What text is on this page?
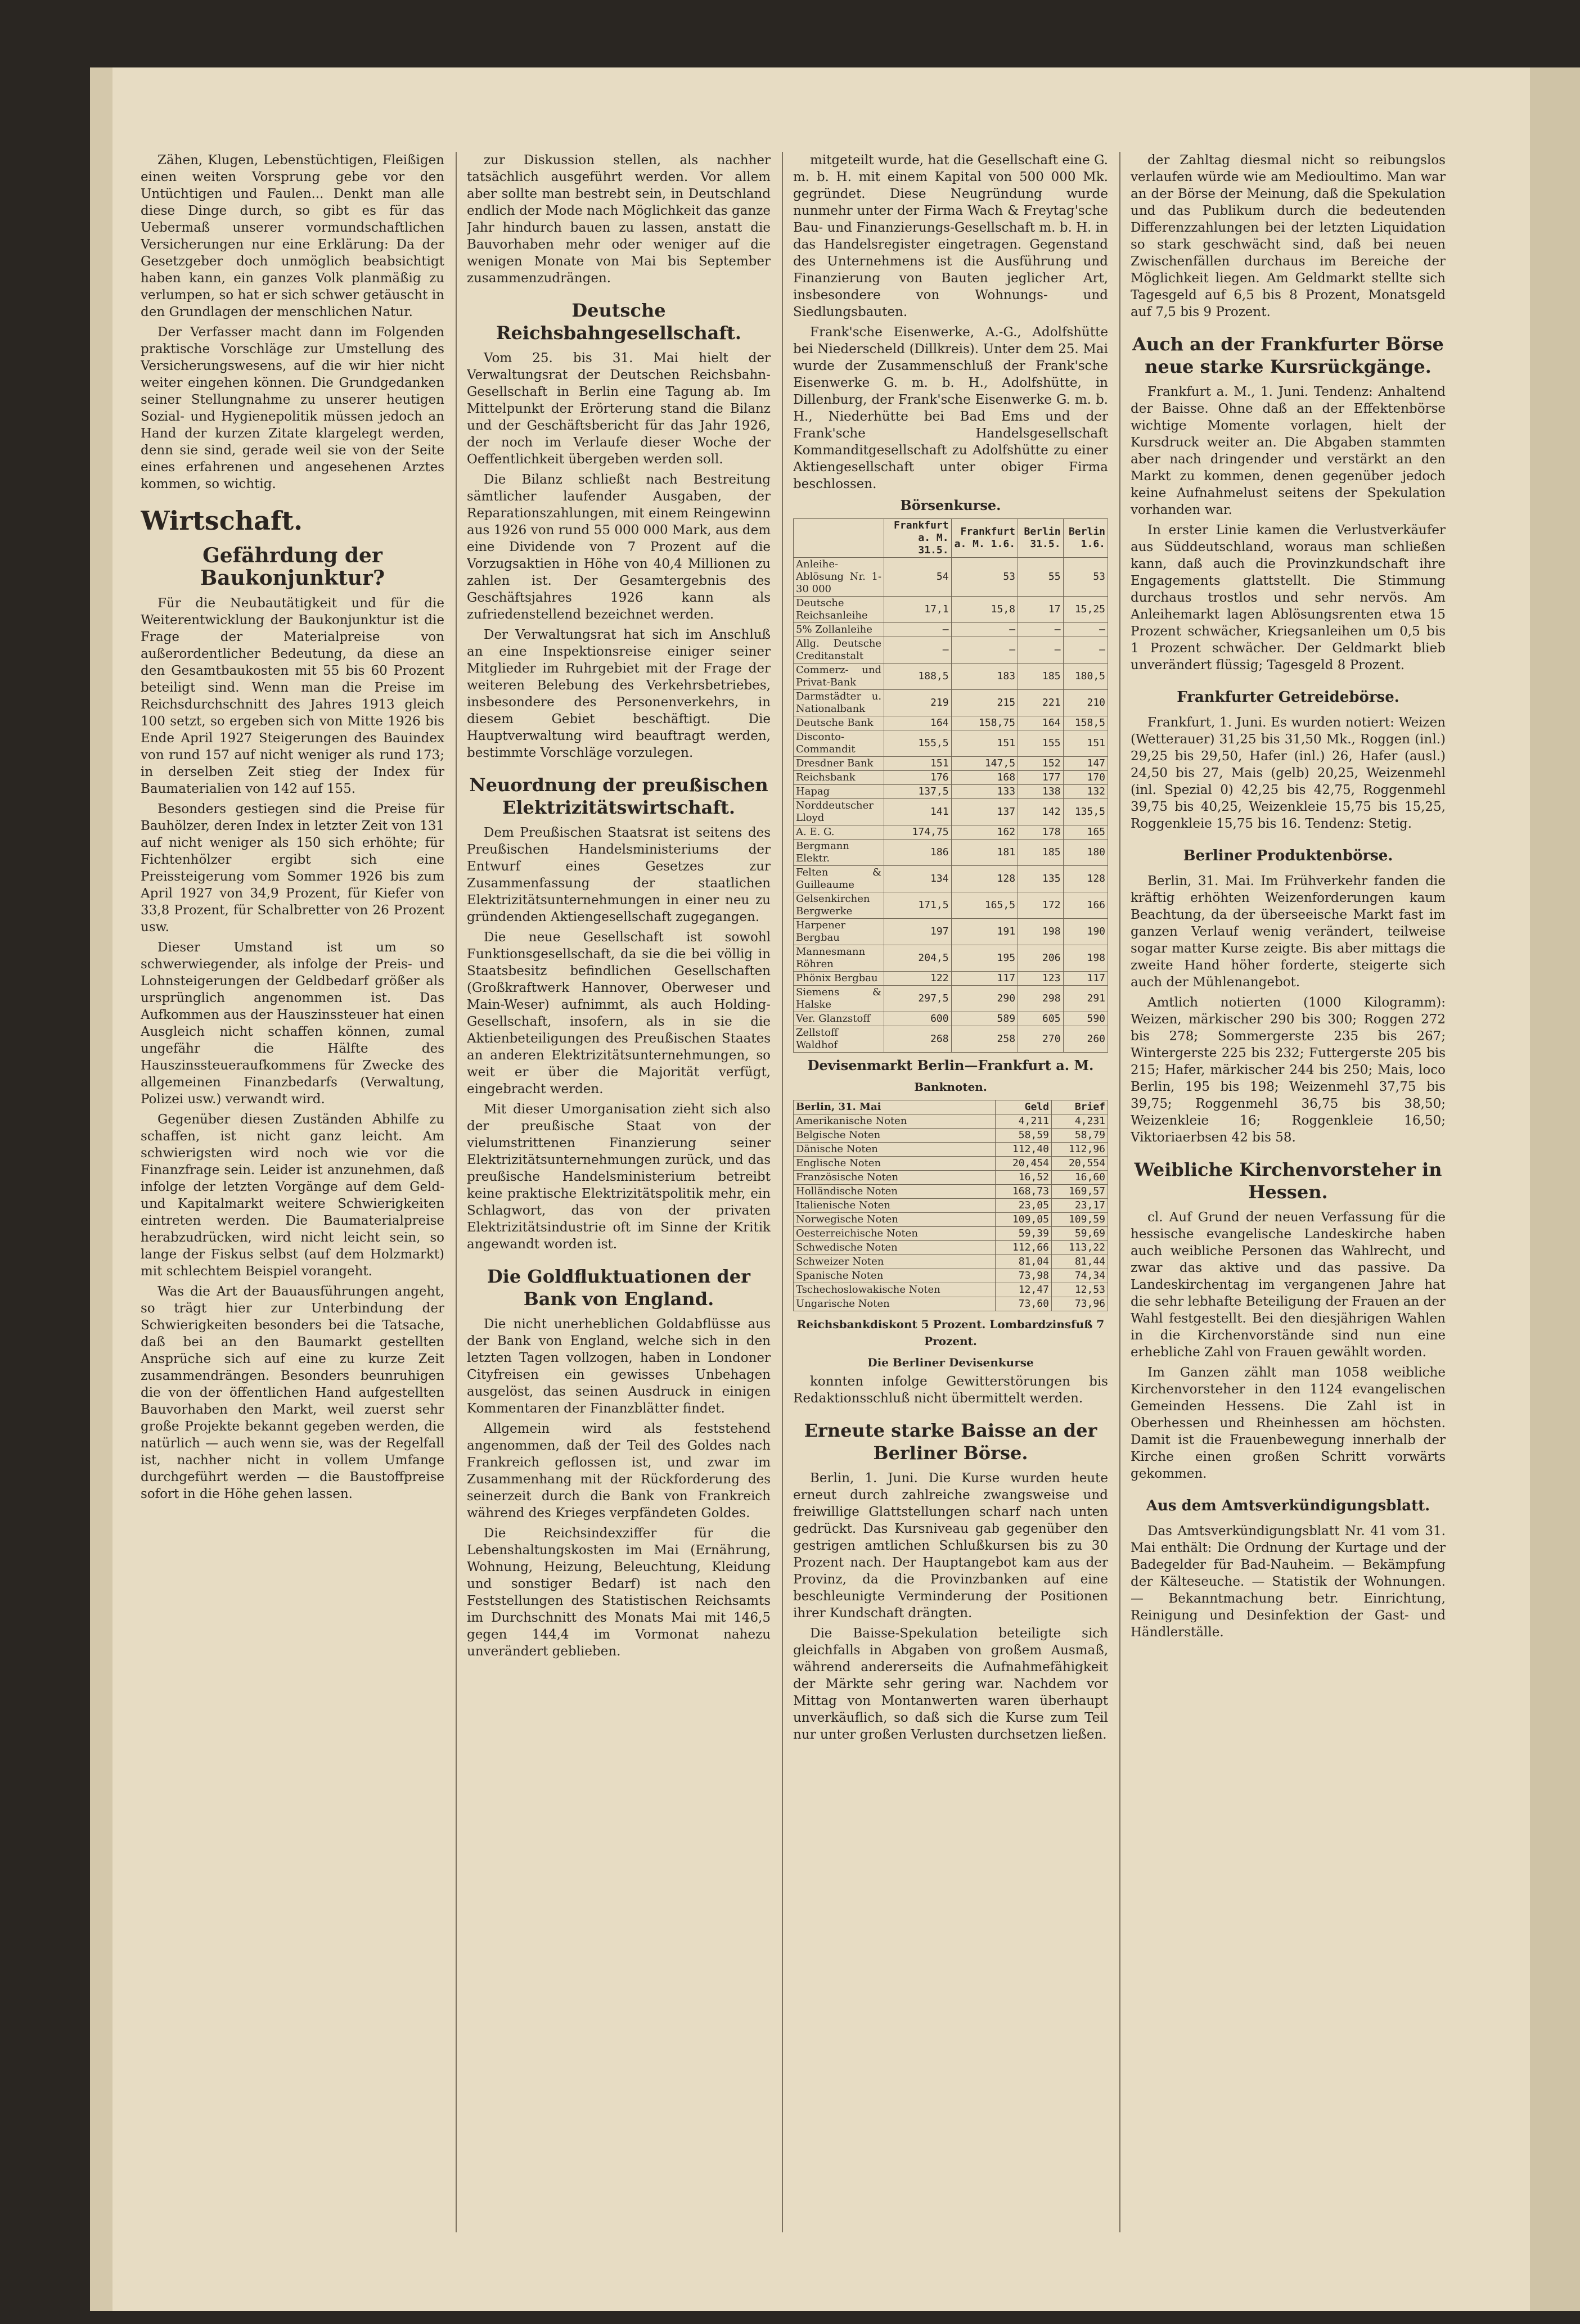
Zähen, Klugen, Lebenstüchtigen, Fleißigen einen weiten Vorsprung gebe vor den Untüchtigen und Faulen... Denkt man alle diese Dinge durch, so gibt es für das Uebermaß unserer vormundschaftlichen Versicherungen nur eine Erklärung: Da der Gesetzgeber doch unmöglich beabsichtigt haben kann, ein ganzes Volk planmäßig zu verlumpen, so hat er sich schwer getäuscht in den Grundlagen der menschlichen Natur.

Der Verfasser macht dann im Folgenden praktische Vorschläge zur Umstellung des Versicherungswesens, auf die wir hier nicht weiter eingehen können. Die Grundgedanken seiner Stellungnahme zu unserer heutigen Sozial- und Hygienepolitik müssen jedoch an Hand der kurzen Zitate klargelegt werden, denn sie sind, gerade weil sie von der Seite eines erfahrenen und angesehenen Arztes kommen, so wichtig.

Wirtschaft.
Gefährdung der Baukonjunktur?

Für die Neubautätigkeit und für die Weiterentwicklung der Baukonjunktur ist die Frage der Materialpreise von außerordentlicher Bedeutung, da diese an den Gesamtbaukosten mit 55 bis 60 Prozent beteiligt sind. Wenn man die Preise im Reichsdurchschnitt des Jahres 1913 gleich 100 setzt, so ergeben sich von Mitte 1926 bis Ende April 1927 Steigerungen des Bauindex von rund 157 auf nicht weniger als rund 173; in derselben Zeit stieg der Index für Baumaterialien von 142 auf 155.

Besonders gestiegen sind die Preise für Bauhölzer, deren Index in letzter Zeit von 131 auf nicht weniger als 150 sich erhöhte; für Fichtenhölzer ergibt sich eine Preissteigerung vom Sommer 1926 bis zum April 1927 von 34,9 Prozent, für Kiefer von 33,8 Prozent, für Schalbretter von 26 Prozent usw.

Dieser Umstand ist um so schwerwiegender, als infolge der Preis- und Lohnsteigerungen der Geldbedarf größer als ursprünglich angenommen ist. Das Aufkommen aus der Hauszinssteuer hat einen Ausgleich nicht schaffen können, zumal ungefähr die Hälfte des Hauszinssteueraufkommens für Zwecke des allgemeinen Finanzbedarfs (Verwaltung, Polizei usw.) verwandt wird.

Gegenüber diesen Zuständen Abhilfe zu schaffen, ist nicht ganz leicht. Am schwierigsten wird noch wie vor die Finanzfrage sein. Leider ist anzunehmen, daß infolge der letzten Vorgänge auf dem Geld- und Kapitalmarkt weitere Schwierigkeiten eintreten werden. Die Baumaterialpreise herabzudrücken, wird nicht leicht sein, so lange der Fiskus selbst (auf dem Holzmarkt) mit schlechtem Beispiel vorangeht.

Was die Art der Bauausführungen angeht, so trägt hier zur Unterbindung der Schwierigkeiten besonders bei die Tatsache, daß bei an den Baumarkt gestellten Ansprüche sich auf eine zu kurze Zeit zusammendrängen. Besonders beunruhigen die von der öffentlichen Hand aufgestellten Bauvorhaben den Markt, weil zuerst sehr große Projekte bekannt gegeben werden, die natürlich — auch wenn sie, was der Regelfall ist, nachher nicht in vollem Umfange durchgeführt werden — die Baustoffpreise sofort in die Höhe gehen lassen.

zur Diskussion stellen, als nachher tatsächlich ausgeführt werden. Vor allem aber sollte man bestrebt sein, in Deutschland endlich der Mode nach Möglichkeit das ganze Jahr hindurch bauen zu lassen, anstatt die Bauvorhaben mehr oder weniger auf die wenigen Monate von Mai bis September zusammenzudrängen.

Deutsche Reichsbahngesellschaft.

Vom 25. bis 31. Mai hielt der Verwaltungsrat der Deutschen Reichsbahn-Gesellschaft in Berlin eine Tagung ab. Im Mittelpunkt der Erörterung stand die Bilanz und der Geschäftsbericht für das Jahr 1926, der noch im Verlaufe dieser Woche der Oeffentlichkeit übergeben werden soll.

Die Bilanz schließt nach Bestreitung sämtlicher laufender Ausgaben, der Reparationszahlungen, mit einem Reingewinn aus 1926 von rund 55 000 000 Mark, aus dem eine Dividende von 7 Prozent auf die Vorzugsaktien in Höhe von 40,4 Millionen zu zahlen ist. Der Gesamtergebnis des Geschäftsjahres 1926 kann als zufriedenstellend bezeichnet werden.

Der Verwaltungsrat hat sich im Anschluß an eine Inspektionsreise einiger seiner Mitglieder im Ruhrgebiet mit der Frage der weiteren Belebung des Verkehrsbetriebes, insbesondere des Personenverkehrs, in diesem Gebiet beschäftigt. Die Hauptverwaltung wird beauftragt werden, bestimmte Vorschläge vorzulegen.

Neuordnung der preußischen Elektrizitätswirtschaft.

Dem Preußischen Staatsrat ist seitens des Preußischen Handelsministeriums der Entwurf eines Gesetzes zur Zusammenfassung der staatlichen Elektrizitätsunternehmungen in einer neu zu gründenden Aktiengesellschaft zugegangen.

Die neue Gesellschaft ist sowohl Funktionsgesellschaft, da sie die bei völlig in Staatsbesitz befindlichen Gesellschaften (Großkraftwerk Hannover, Oberweser und Main-Weser) aufnimmt, als auch Holding-Gesellschaft, insofern, als in sie die Aktienbeteiligungen des Preußischen Staates an anderen Elektrizitätsunternehmungen, so weit er über die Majorität verfügt, eingebracht werden.

Mit dieser Umorganisation zieht sich also der preußische Staat von der vielumstrittenen Finanzierung seiner Elektrizitätsunternehmungen zurück, und das preußische Handelsministerium betreibt keine praktische Elektrizitätspolitik mehr, ein Schlagwort, das von der privaten Elektrizitätsindustrie oft im Sinne der Kritik angewandt worden ist.

Die Goldfluktuationen der Bank von England.

Die nicht unerheblichen Goldabflüsse aus der Bank von England, welche sich in den letzten Tagen vollzogen, haben in Londoner Cityfreisen ein gewisses Unbehagen ausgelöst, das seinen Ausdruck in einigen Kommentaren der Finanzblätter findet.

Allgemein wird als feststehend angenommen, daß der Teil des Goldes nach Frankreich geflossen ist, und zwar im Zusammenhang mit der Rückforderung des seinerzeit durch die Bank von Frankreich während des Krieges verpfändeten Goldes.

Die Reichsindexziffer für die Lebenshaltungskosten im Mai (Ernährung, Wohnung, Heizung, Beleuchtung, Kleidung und sonstiger Bedarf) ist nach den Feststellungen des Statistischen Reichsamts im Durchschnitt des Monats Mai mit 146,5 gegen 144,4 im Vormonat nahezu unverändert geblieben.

mitgeteilt wurde, hat die Gesellschaft eine G. m. b. H. mit einem Kapital von 500 000 Mk. gegründet. Diese Neugründung wurde nunmehr unter der Firma Wach & Freytag'sche Bau- und Finanzierungs-Gesellschaft m. b. H. in das Handelsregister eingetragen. Gegenstand des Unternehmens ist die Ausführung und Finanzierung von Bauten jeglicher Art, insbesondere von Wohnungs- und Siedlungsbauten.

Frank'sche Eisenwerke, A.-G., Adolfshütte bei Niederscheld (Dillkreis). Unter dem 25. Mai wurde der Zusammenschluß der Frank'sche Eisenwerke G. m. b. H., Adolfshütte, in Dillenburg, der Frank'sche Eisenwerke G. m. b. H., Niederhütte bei Bad Ems und der Frank'sche Handelsgesellschaft Kommanditgesellschaft zu Adolfshütte zu einer Aktiengesellschaft unter obiger Firma beschlossen.

Börsenkurse.
	Frankfurt a. M. 31.5.	Frankfurt a. M. 1.6.	Berlin 31.5.	Berlin 1.6.
Anleihe-Ablösung Nr. 1-30 000	54	53	55	53
Deutsche Reichsanleihe	17,1	15,8	17	15,25
5% Zollanleihe	—	—	—	—
Allg. Deutsche Creditanstalt	—	—	—	—
Commerz- und Privat-Bank	188,5	183	185	180,5
Darmstädter u. Nationalbank	219	215	221	210
Deutsche Bank	164	158,75	164	158,5
Disconto-Commandit	155,5	151	155	151
Dresdner Bank	151	147,5	152	147
Reichsbank	176	168	177	170
Hapag	137,5	133	138	132
Norddeutscher Lloyd	141	137	142	135,5
A. E. G.	174,75	162	178	165
Bergmann Elektr.	186	181	185	180
Felten & Guilleaume	134	128	135	128
Gelsenkirchen Bergwerke	171,5	165,5	172	166
Harpener Bergbau	197	191	198	190
Mannesmann Röhren	204,5	195	206	198
Phönix Bergbau	122	117	123	117
Siemens & Halske	297,5	290	298	291
Ver. Glanzstoff	600	589	605	590
Zellstoff Waldhof	268	258	270	260
Devisenmarkt Berlin—Frankfurt a. M.
Banknoten.
Berlin, 31. Mai	Geld	Brief
Amerikanische Noten	4,211	4,231
Belgische Noten	58,59	58,79
Dänische Noten	112,40	112,96
Englische Noten	20,454	20,554
Französische Noten	16,52	16,60
Holländische Noten	168,73	169,57
Italienische Noten	23,05	23,17
Norwegische Noten	109,05	109,59
Oesterreichische Noten	59,39	59,69
Schwedische Noten	112,66	113,22
Schweizer Noten	81,04	81,44
Spanische Noten	73,98	74,34
Tschechoslowakische Noten	12,47	12,53
Ungarische Noten	73,60	73,96
Reichsbankdiskont 5 Prozent. Lombardzinsfuß 7 Prozent.
Die Berliner Devisenkurse

konnten infolge Gewitterstörungen bis Redaktionsschluß nicht übermittelt werden.

Erneute starke Baisse an der Berliner Börse.

Berlin, 1. Juni. Die Kurse wurden heute erneut durch zahlreiche zwangsweise und freiwillige Glattstellungen scharf nach unten gedrückt. Das Kursniveau gab gegenüber den gestrigen amtlichen Schlußkursen bis zu 30 Prozent nach. Der Hauptangebot kam aus der Provinz, da die Provinzbanken auf eine beschleunigte Verminderung der Positionen ihrer Kundschaft drängten.

Die Baisse-Spekulation beteiligte sich gleichfalls in Abgaben von großem Ausmaß, während andererseits die Aufnahmefähigkeit der Märkte sehr gering war. Nachdem vor Mittag von Montanwerten waren überhaupt unverkäuflich, so daß sich die Kurse zum Teil nur unter großen Verlusten durchsetzen ließen.

der Zahltag diesmal nicht so reibungslos verlaufen würde wie am Medioultimo. Man war an der Börse der Meinung, daß die Spekulation und das Publikum durch die bedeutenden Differenzzahlungen bei der letzten Liquidation so stark geschwächt sind, daß bei neuen Zwischenfällen durchaus im Bereiche der Möglichkeit liegen. Am Geldmarkt stellte sich Tagesgeld auf 6,5 bis 8 Prozent, Monatsgeld auf 7,5 bis 9 Prozent.

Auch an der Frankfurter Börse neue starke Kursrückgänge.

Frankfurt a. M., 1. Juni. Tendenz: Anhaltend der Baisse. Ohne daß an der Effektenbörse wichtige Momente vorlagen, hielt der Kursdruck weiter an. Die Abgaben stammten aber nach dringender und verstärkt an den Markt zu kommen, denen gegenüber jedoch keine Aufnahmelust seitens der Spekulation vorhanden war.

In erster Linie kamen die Verlustverkäufer aus Süddeutschland, woraus man schließen kann, daß auch die Provinzkundschaft ihre Engagements glattstellt. Die Stimmung durchaus trostlos und sehr nervös. Am Anleihemarkt lagen Ablösungsrenten etwa 15 Prozent schwächer, Kriegsanleihen um 0,5 bis 1 Prozent schwächer. Der Geldmarkt blieb unverändert flüssig; Tagesgeld 8 Prozent.

Frankfurter Getreidebörse.

Frankfurt, 1. Juni. Es wurden notiert: Weizen (Wetterauer) 31,25 bis 31,50 Mk., Roggen (inl.) 29,25 bis 29,50, Hafer (inl.) 26, Hafer (ausl.) 24,50 bis 27, Mais (gelb) 20,25, Weizenmehl (inl. Spezial 0) 42,25 bis 42,75, Roggenmehl 39,75 bis 40,25, Weizenkleie 15,75 bis 15,25, Roggenkleie 15,75 bis 16. Tendenz: Stetig.

Berliner Produktenbörse.

Berlin, 31. Mai. Im Frühverkehr fanden die kräftig erhöhten Weizenforderungen kaum Beachtung, da der überseeische Markt fast im ganzen Verlauf wenig verändert, teilweise sogar matter Kurse zeigte. Bis aber mittags die zweite Hand höher forderte, steigerte sich auch der Mühlenangebot.

Amtlich notierten (1000 Kilogramm): Weizen, märkischer 290 bis 300; Roggen 272 bis 278; Sommergerste 235 bis 267; Wintergerste 225 bis 232; Futtergerste 205 bis 215; Hafer, märkischer 244 bis 250; Mais, loco Berlin, 195 bis 198; Weizenmehl 37,75 bis 39,75; Roggenmehl 36,75 bis 38,50; Weizenkleie 16; Roggenkleie 16,50; Viktoriaerbsen 42 bis 58.

Weibliche Kirchenvorsteher in Hessen.

cl. Auf Grund der neuen Verfassung für die hessische evangelische Landeskirche haben auch weibliche Personen das Wahlrecht, und zwar das aktive und das passive. Da Landeskirchentag im vergangenen Jahre hat die sehr lebhafte Beteiligung der Frauen an der Wahl festgestellt. Bei den diesjährigen Wahlen in die Kirchenvorstände sind nun eine erhebliche Zahl von Frauen gewählt worden.

Im Ganzen zählt man 1058 weibliche Kirchenvorsteher in den 1124 evangelischen Gemeinden Hessens. Die Zahl ist in Oberhessen und Rheinhessen am höchsten. Damit ist die Frauenbewegung innerhalb der Kirche einen großen Schritt vorwärts gekommen.

Aus dem Amtsverkündigungsblatt.

Das Amtsverkündigungsblatt Nr. 41 vom 31. Mai enthält: Die Ordnung der Kurtage und der Badegelder für Bad-Nauheim. — Bekämpfung der Kälteseuche. — Statistik der Wohnungen. — Bekanntmachung betr. Einrichtung, Reinigung und Desinfektion der Gast- und Händlerställe.
